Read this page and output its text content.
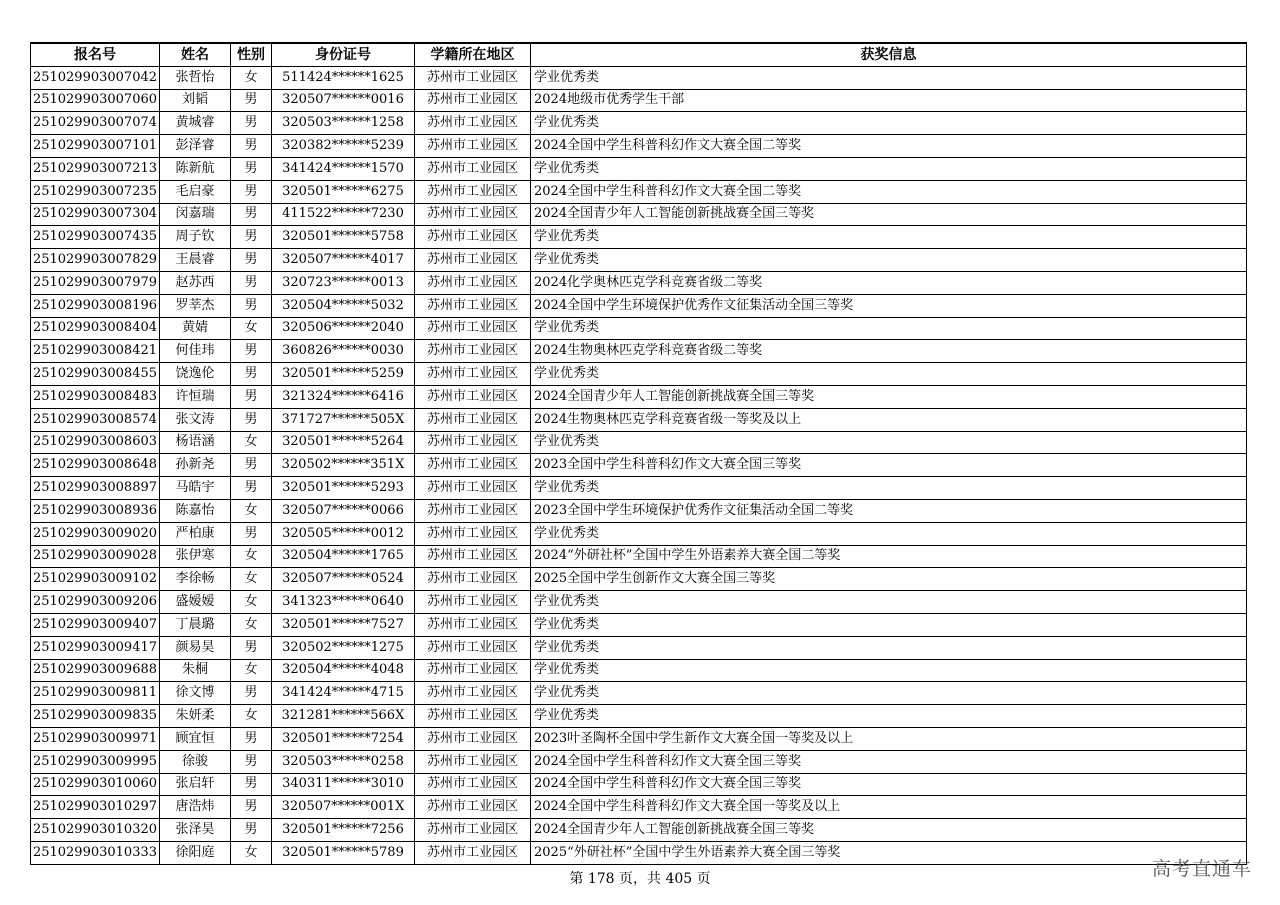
报名号	姓名	性别	身份证号	学籍所在地区	获奖信息
251029903007042	张哲怡	女	511424******1625	苏州市工业园区	学业优秀类
251029903007060	刘韬	男	320507******0016	苏州市工业园区	2024地级市优秀学生干部
251029903007074	黄城睿	男	320503******1258	苏州市工业园区	学业优秀类
251029903007101	彭泽睿	男	320382******5239	苏州市工业园区	2024全国中学生科普科幻作文大赛全国二等奖
251029903007213	陈新航	男	341424******1570	苏州市工业园区	学业优秀类
251029903007235	毛启豪	男	320501******6275	苏州市工业园区	2024全国中学生科普科幻作文大赛全国二等奖
251029903007304	闵嘉瑞	男	411522******7230	苏州市工业园区	2024全国青少年人工智能创新挑战赛全国三等奖
251029903007435	周子钦	男	320501******5758	苏州市工业园区	学业优秀类
251029903007829	王晨睿	男	320507******4017	苏州市工业园区	学业优秀类
251029903007979	赵苏西	男	320723******0013	苏州市工业园区	2024化学奥林匹克学科竞赛省级二等奖
251029903008196	罗莘杰	男	320504******5032	苏州市工业园区	2024全国中学生环境保护优秀作文征集活动全国三等奖
251029903008404	黄婧	女	320506******2040	苏州市工业园区	学业优秀类
251029903008421	何佳玮	男	360826******0030	苏州市工业园区	2024生物奥林匹克学科竞赛省级二等奖
251029903008455	饶逸伦	男	320501******5259	苏州市工业园区	学业优秀类
251029903008483	许恒瑞	男	321324******6416	苏州市工业园区	2024全国青少年人工智能创新挑战赛全国三等奖
251029903008574	张文涛	男	371727******505X	苏州市工业园区	2024生物奥林匹克学科竞赛省级一等奖及以上
251029903008603	杨语涵	女	320501******5264	苏州市工业园区	学业优秀类
251029903008648	孙新尧	男	320502******351X	苏州市工业园区	2023全国中学生科普科幻作文大赛全国三等奖
251029903008897	马皓宇	男	320501******5293	苏州市工业园区	学业优秀类
251029903008936	陈嘉怡	女	320507******0066	苏州市工业园区	2023全国中学生环境保护优秀作文征集活动全国二等奖
251029903009020	严柏康	男	320505******0012	苏州市工业园区	学业优秀类
251029903009028	张伊寒	女	320504******1765	苏州市工业园区	2024“外研社杯”全国中学生外语素养大赛全国二等奖
251029903009102	李徐畅	女	320507******0524	苏州市工业园区	2025全国中学生创新作文大赛全国三等奖
251029903009206	盛嫒嫒	女	341323******0640	苏州市工业园区	学业优秀类
251029903009407	丁晨璐	女	320501******7527	苏州市工业园区	学业优秀类
251029903009417	颜易昊	男	320502******1275	苏州市工业园区	学业优秀类
251029903009688	朱桐	女	320504******4048	苏州市工业园区	学业优秀类
251029903009811	徐文博	男	341424******4715	苏州市工业园区	学业优秀类
251029903009835	朱妍柔	女	321281******566X	苏州市工业园区	学业优秀类
251029903009971	顾宜恒	男	320501******7254	苏州市工业园区	2023叶圣陶杯全国中学生新作文大赛全国一等奖及以上
251029903009995	徐骏	男	320503******0258	苏州市工业园区	2024全国中学生科普科幻作文大赛全国三等奖
251029903010060	张启轩	男	340311******3010	苏州市工业园区	2024全国中学生科普科幻作文大赛全国三等奖
251029903010297	唐浩炜	男	320507******001X	苏州市工业园区	2024全国中学生科普科幻作文大赛全国一等奖及以上
251029903010320	张泽昊	男	320501******7256	苏州市工业园区	2024全国青少年人工智能创新挑战赛全国三等奖
251029903010333	徐阳庭	女	320501******5789	苏州市工业园区	2025“外研社杯”全国中学生外语素养大赛全国三等奖
第 178 页，共 405 页	高考直通车
